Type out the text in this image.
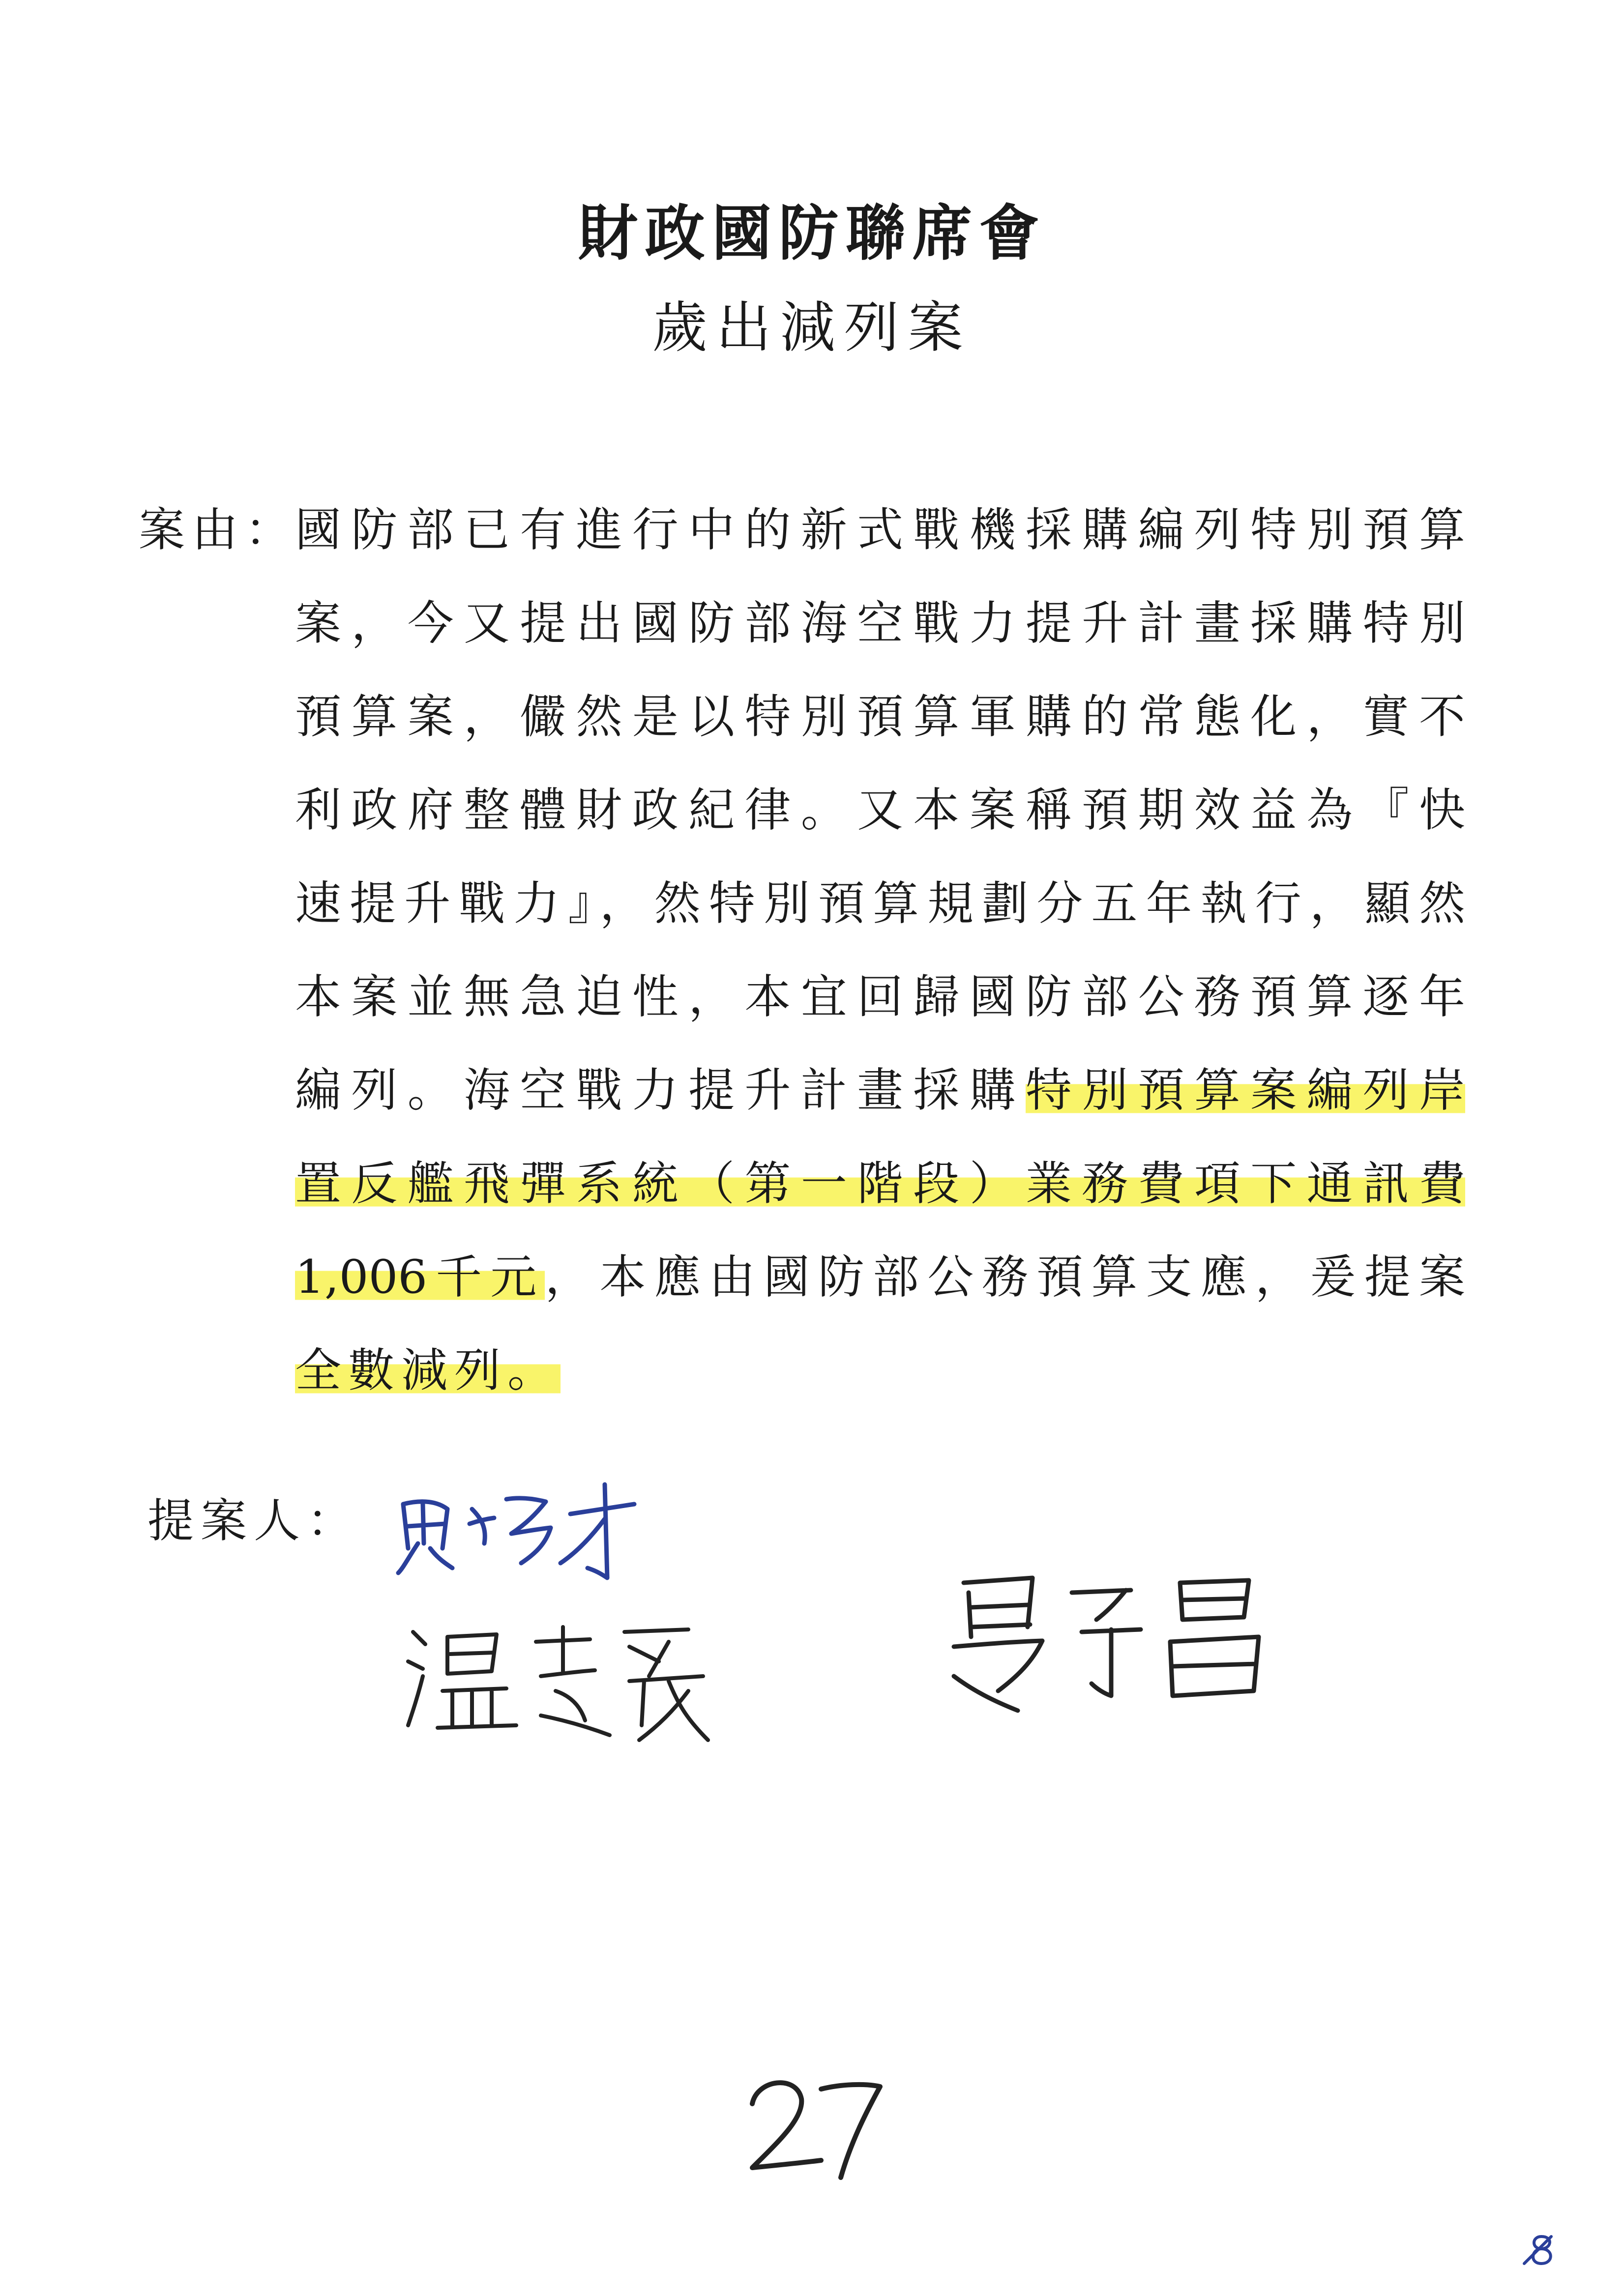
財政國防聯席會
歲出減列案
案由：
國防部已有進行中的新式戰機採購編列特別預算
案，今又提出國防部海空戰力提升計畫採購特別
預算案，儼然是以特別預算軍購的常態化，實不
利政府整體財政紀律。又本案稱預期效益為『快
速提升戰力』，然特別預算規劃分五年執行，顯然
本案並無急迫性，本宜回歸國防部公務預算逐年
編列。海空戰力提升計畫採購特別預算案編列岸
置反艦飛彈系統（第一階段）業務費項下通訊費
1,006千元，本應由國防部公務預算支應，爰提案
全數減列。
提案人：
